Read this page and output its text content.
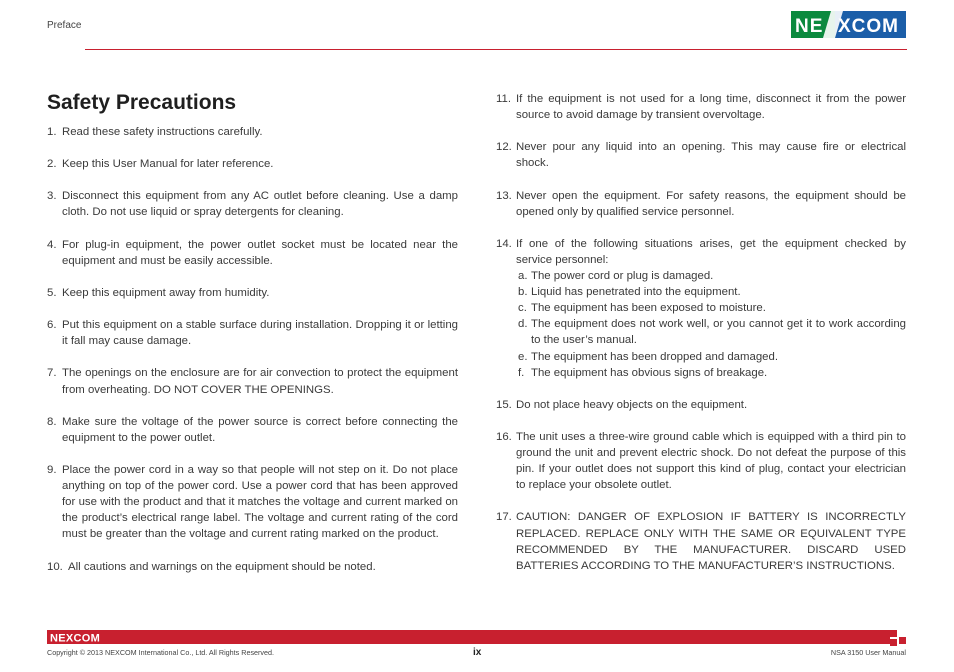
Preface	NE XCOM
Safety Precautions
1. Read these safety instructions carefully.
2. Keep this User Manual for later reference.
3. Disconnect this equipment from any AC outlet before cleaning. Use a damp cloth. Do not use liquid or spray detergents for cleaning.
4. For plug-in equipment, the power outlet socket must be located near the equipment and must be easily accessible.
5. Keep this equipment away from humidity.
6. Put this equipment on a stable surface during installation. Dropping it or letting it fall may cause damage.
7. The openings on the enclosure are for air convection to protect the equipment from overheating. DO NOT COVER THE OPENINGS.
8. Make sure the voltage of the power source is correct before connecting the equipment to the power outlet.
9. Place the power cord in a way so that people will not step on it. Do not place anything on top of the power cord. Use a power cord that has been approved for use with the product and that it matches the voltage and current marked on the product’s electrical range label. The voltage and current rating of the cord must be greater than the voltage and current rating marked on the product.
10. All cautions and warnings on the equipment should be noted.
11. If the equipment is not used for a long time, disconnect it from the power source to avoid damage by transient overvoltage.
12. Never pour any liquid into an opening. This may cause fire or electrical shock.
13. Never open the equipment. For safety reasons, the equipment should be opened only by qualified service personnel.
14. If one of the following situations arises, get the equipment checked by service personnel:
a. The power cord or plug is damaged.
b. Liquid has penetrated into the equipment.
c. The equipment has been exposed to moisture.
d. The equipment does not work well, or you cannot get it to work according to the user’s manual.
e. The equipment has been dropped and damaged.
f. The equipment has obvious signs of breakage.
15. Do not place heavy objects on the equipment.
16. The unit uses a three-wire ground cable which is equipped with a third pin to ground the unit and prevent electric shock. Do not defeat the purpose of this pin. If your outlet does not support this kind of plug, contact your electrician to replace your obsolete outlet.
17. CAUTION: DANGER OF EXPLOSION IF BATTERY IS INCORRECTLY REPLACED. REPLACE ONLY WITH THE SAME OR EQUIVALENT TYPE RECOMMENDED BY THE MANUFACTURER. DISCARD USED BATTERIES ACCORDING TO THE MANUFACTURER’S INSTRUCTIONS.
NEXCOM
Copyright © 2013 NEXCOM International Co., Ltd. All Rights Reserved.	ix	NSA 3150 User Manual
